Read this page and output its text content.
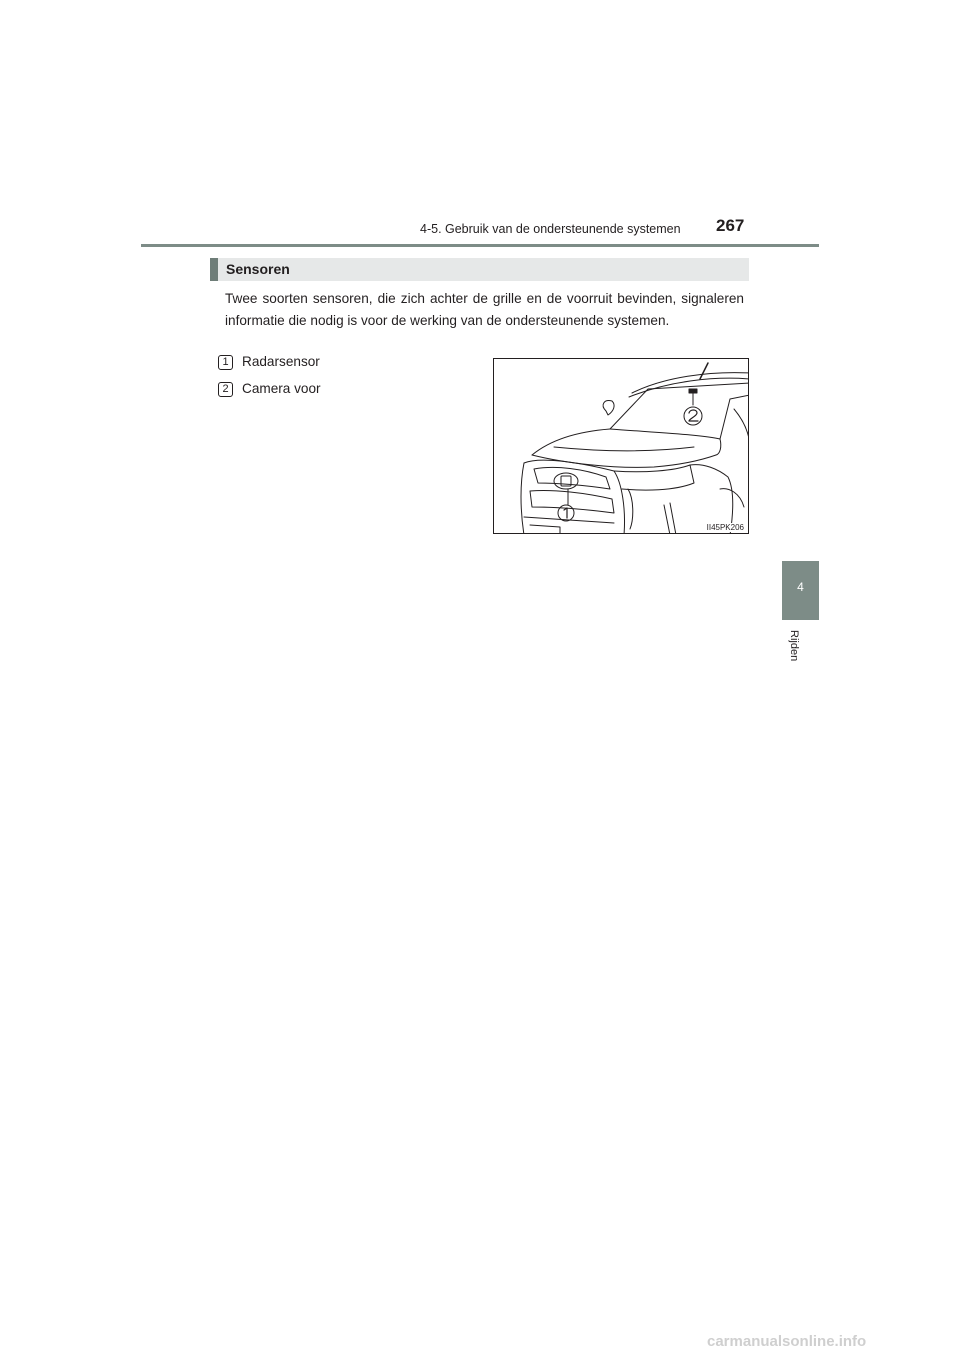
4-5. Gebruik van de ondersteunende systemen 267
Sensoren
Twee soorten sensoren, die zich achter de grille en de voorruit bevinden, signaleren informatie die nodig is voor de werking van de ondersteunende systemen.
1 Radarsensor
2 Camera voor
II45PK206
4
Rijden
carmanualsonline.info
